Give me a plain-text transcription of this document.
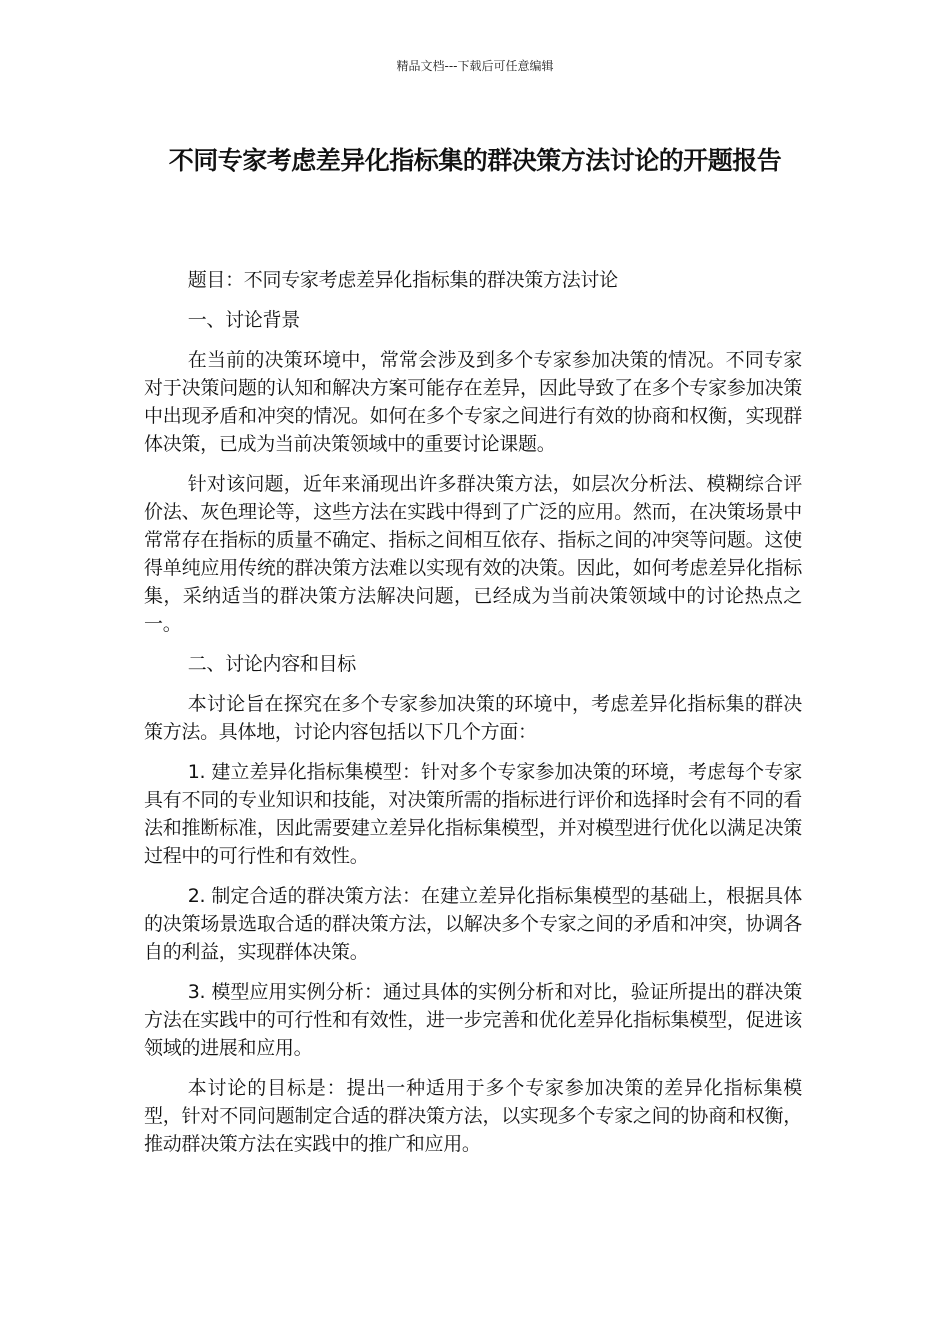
精品文档---下载后可任意编辑
不同专家考虑差异化指标集的群决策方法讨论的开题报告

题目：不同专家考虑差异化指标集的群决策方法讨论

一、讨论背景

在当前的决策环境中，常常会涉及到多个专家参加决策的情况。不同专家对于决策问题的认知和解决方案可能存在差异，因此导致了在多个专家参加决策中出现矛盾和冲突的情况。如何在多个专家之间进行有效的协商和权衡，实现群体决策，已成为当前决策领域中的重要讨论课题。

针对该问题，近年来涌现出许多群决策方法，如层次分析法、模糊综合评价法、灰色理论等，这些方法在实践中得到了广泛的应用。然而，在决策场景中常常存在指标的质量不确定、指标之间相互依存、指标之间的冲突等问题。这使得单纯应用传统的群决策方法难以实现有效的决策。因此，如何考虑差异化指标集，采纳适当的群决策方法解决问题，已经成为当前决策领域中的讨论热点之一。

二、讨论内容和目标

本讨论旨在探究在多个专家参加决策的环境中，考虑差异化指标集的群决策方法。具体地，讨论内容包括以下几个方面：

1. 建立差异化指标集模型：针对多个专家参加决策的环境，考虑每个专家具有不同的专业知识和技能，对决策所需的指标进行评价和选择时会有不同的看法和推断标准，因此需要建立差异化指标集模型，并对模型进行优化以满足决策过程中的可行性和有效性。

2. 制定合适的群决策方法：在建立差异化指标集模型的基础上，根据具体的决策场景选取合适的群决策方法，以解决多个专家之间的矛盾和冲突，协调各自的利益，实现群体决策。

3. 模型应用实例分析：通过具体的实例分析和对比，验证所提出的群决策方法在实践中的可行性和有效性，进一步完善和优化差异化指标集模型，促进该领域的进展和应用。

本讨论的目标是：提出一种适用于多个专家参加决策的差异化指标集模型，针对不同问题制定合适的群决策方法，以实现多个专家之间的协商和权衡，推动群决策方法在实践中的推广和应用。
